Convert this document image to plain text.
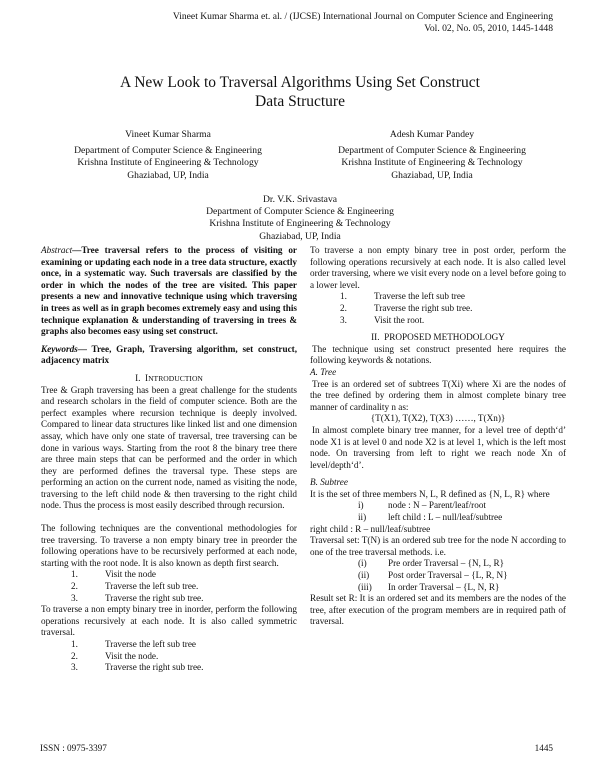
Vineet Kumar Sharma et. al. / (IJCSE) International Journal on Computer Science and Engineering
Vol. 02, No. 05, 2010, 1445-1448
A New Look to Traversal Algorithms Using Set Construct
Data Structure
Vineet Kumar Sharma
Department of Computer Science & Engineering
Krishna Institute of Engineering & Technology
Ghaziabad, UP, India
Adesh Kumar Pandey
Department of Computer Science & Engineering
Krishna Institute of Engineering & Technology
Ghaziabad, UP, India
Dr. V.K. Srivastava
Department of Computer Science & Engineering
Krishna Institute of Engineering & Technology
Ghaziabad, UP, India

Abstract—Tree traversal refers to the process of visiting or examining or updating each node in a tree data structure, exactly once, in a systematic way. Such traversals are classified by the order in which the nodes of the tree are visited. This paper presents a new and innovative technique using which traversing in trees as well as in graph becomes extremely easy and using this technique explanation & understanding of traversing in trees & graphs also becomes easy using set construct.

Keywords— Tree, Graph, Traversing algorithm, set construct, adjacency matrix

I. INTRODUCTION

Tree & Graph traversing has been a great challenge for the students and research scholars in the field of computer science. Both are the perfect examples where recursion technique is deeply involved. Compared to linear data structures like linked list and one dimension assay, which have only one state of traversal, tree traversing can be done in various ways. Starting from the root 8 the binary tree there are three main steps that can be performed and the order in which they are performed defines the traversal type. These steps are performing an action on the current node, named as visiting the node, traversing to the left child node & then traversing to the right child node. Thus the process is most easily described through recursion.

The following techniques are the conventional methodologies for tree traversing. To traverse a non empty binary tree in preorder the following operations have to be recursively performed at each node, starting with the root node. It is also known as depth first search.

1.	Visit the node
2.	Traverse the left sub tree.
3.	Traverse the right sub tree.

To traverse a non empty binary tree in inorder, perform the following operations recursively at each node. It is also called symmetric traversal.

1.	Traverse the left sub tree
2.	Visit the node.
3.	Traverse the right sub tree.

To traverse a non empty binary tree in post order, perform the following operations recursively at each node. It is also called level order traversing, where we visit every node on a level before going to a lower level.

1.	Traverse the left sub tree
2.	Traverse the right sub tree.
3.	Visit the root.

II. PROPOSED METHODOLOGY

The technique using set construct presented here requires the following keywords & notations.

A. Tree

Tree is an ordered set of subtrees T(Xi) where Xi are the nodes of the tree defined by ordering them in almost complete binary tree manner of cardinality n as:

{T(X1), T(X2), T(X3) ……, T(Xn)}

In almost complete binary tree manner, for a level tree of depth‘d’ node X1 is at level 0 and node X2 is at level 1, which is the left most node. On traversing from left to right we reach node Xn of level/depth‘d’.

B. Subtree

It is the set of three members N, L, R defined as {N, L, R} where

i)	node : N – Parent/leaf/root
ii)	left child : L – null/leaf/subtree

right child : R – null/leaf/subtree

Traversal set: T(N) is an ordered sub tree for the node N according to one of the tree traversal methods. i.e.

(i)	Pre order Traversal – {N, L, R}
(ii)	Post order Traversal – {L, R, N}
(iii)	In order Traversal – {L, N, R}

Result set R: It is an ordered set and its members are the nodes of the tree, after execution of the program members are in required path of traversal.

ISSN : 0975-3397	1445
